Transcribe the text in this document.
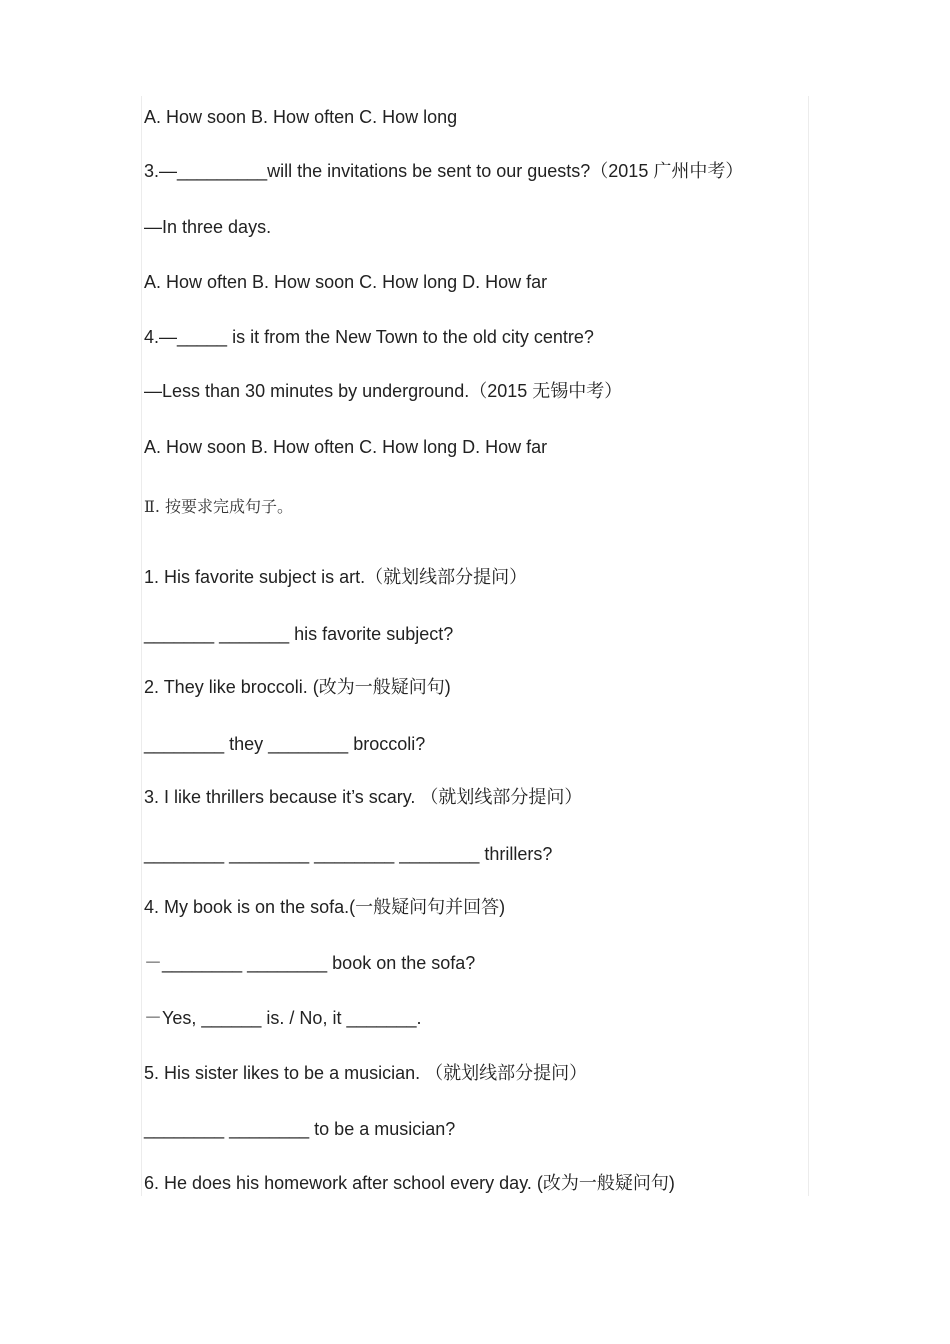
A. How soon B. How often C. How long
3.—_________will the invitations be sent to our guests?（2015 广州中考）
—In three days.
A. How often B. How soon C. How long D. How far
4.—_____ is it from the New Town to the old city centre?
—Less than 30 minutes by underground.（2015 无锡中考）
A. How soon B. How often C. How long D. How far
Ⅱ. 按要求完成句子。
1. His favorite subject is art.（就划线部分提问）
_______ _______ his favorite subject?
2. They like broccoli. (改为一般疑问句)
________ they ________ broccoli?
3. I like thrillers because it’s scary. （就划线部分提问）
________ ________ ________ ________ thrillers?
4. My book is on the sofa.(一般疑问句并回答)
－________ ________ book on the sofa?
－Yes, ______ is. / No, it _______.
5. His sister likes to be a musician. （就划线部分提问）
________ ________ to be a musician?
6. He does his homework after school every day. (改为一般疑问句)
